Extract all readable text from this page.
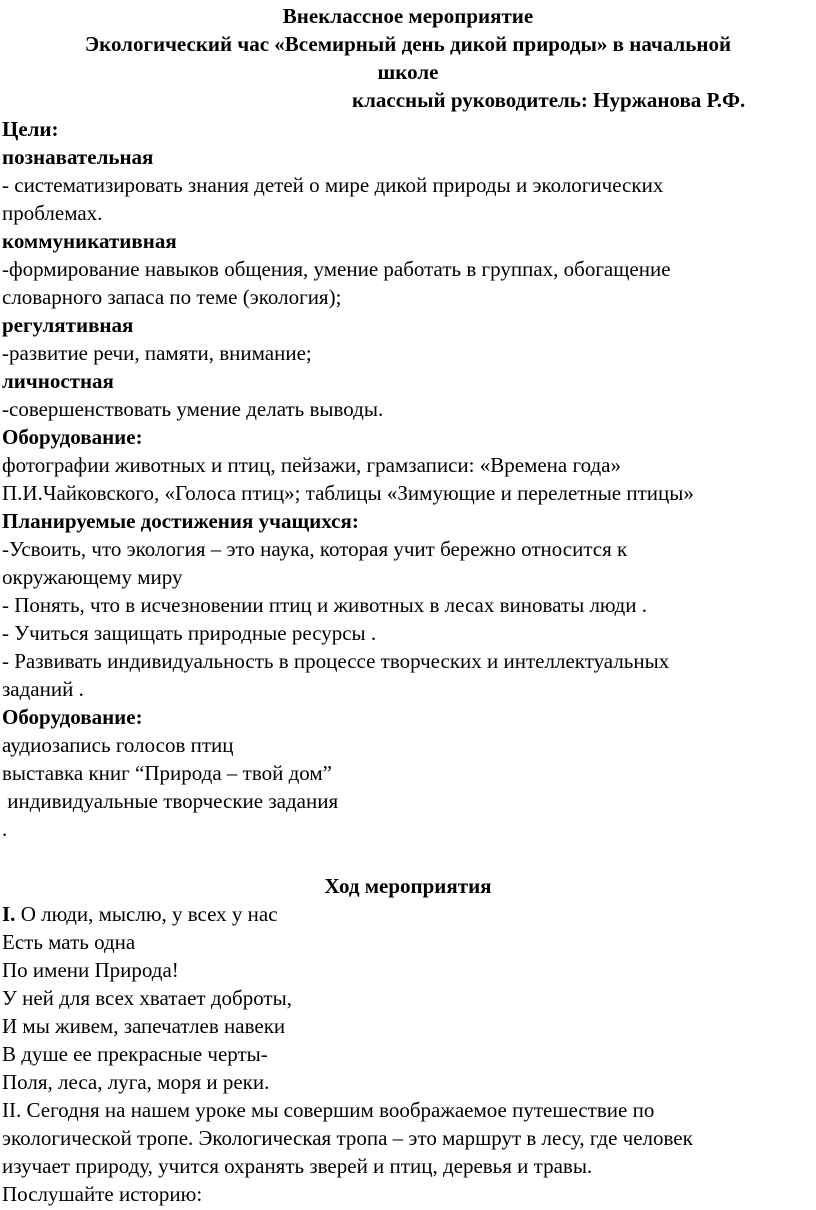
Внеклассное мероприятие
Экологический час «Всемирный день дикой природы» в начальной
школе
классный руководитель: Нуржанова Р.Ф.
Цели:
познавательная
- систематизировать знания детей о мире дикой природы и экологических
проблемах.
коммуникативная
-формирование навыков общения, умение работать в группах, обогащение
словарного запаса по теме (экология);
регулятивная
-развитие речи, памяти, внимание;
личностная
-совершенствовать умение делать выводы.
Оборудование:
фотографии животных и птиц, пейзажи, грамзаписи: «Времена года»
П.И.Чайковского, «Голоса птиц»; таблицы «Зимующие и перелетные птицы»
Планируемые достижения учащихся:
-Усвоить, что экология – это наука, которая учит бережно относится к
окружающему миру
- Понять, что в исчезновении птиц и животных в лесах виноваты люди .
- Учиться защищать природные ресурсы .
- Развивать индивидуальность в процессе творческих и интеллектуальных
заданий .
Оборудование:
аудиозапись голосов птиц
выставка книг “Природа – твой дом”
индивидуальные творческие задания
.
Ход мероприятия
I. О люди, мыслю, у всех у нас
Есть мать одна
По имени Природа!
У ней для всех хватает доброты,
И мы живем, запечатлев навеки
В душе ее прекрасные черты-
Поля, леса, луга, моря и реки.
II. Сегодня на нашем уроке мы совершим воображаемое путешествие по
экологической тропе. Экологическая тропа – это маршрут в лесу, где человек
изучает природу, учится охранять зверей и птиц, деревья и травы.
Послушайте историю:
